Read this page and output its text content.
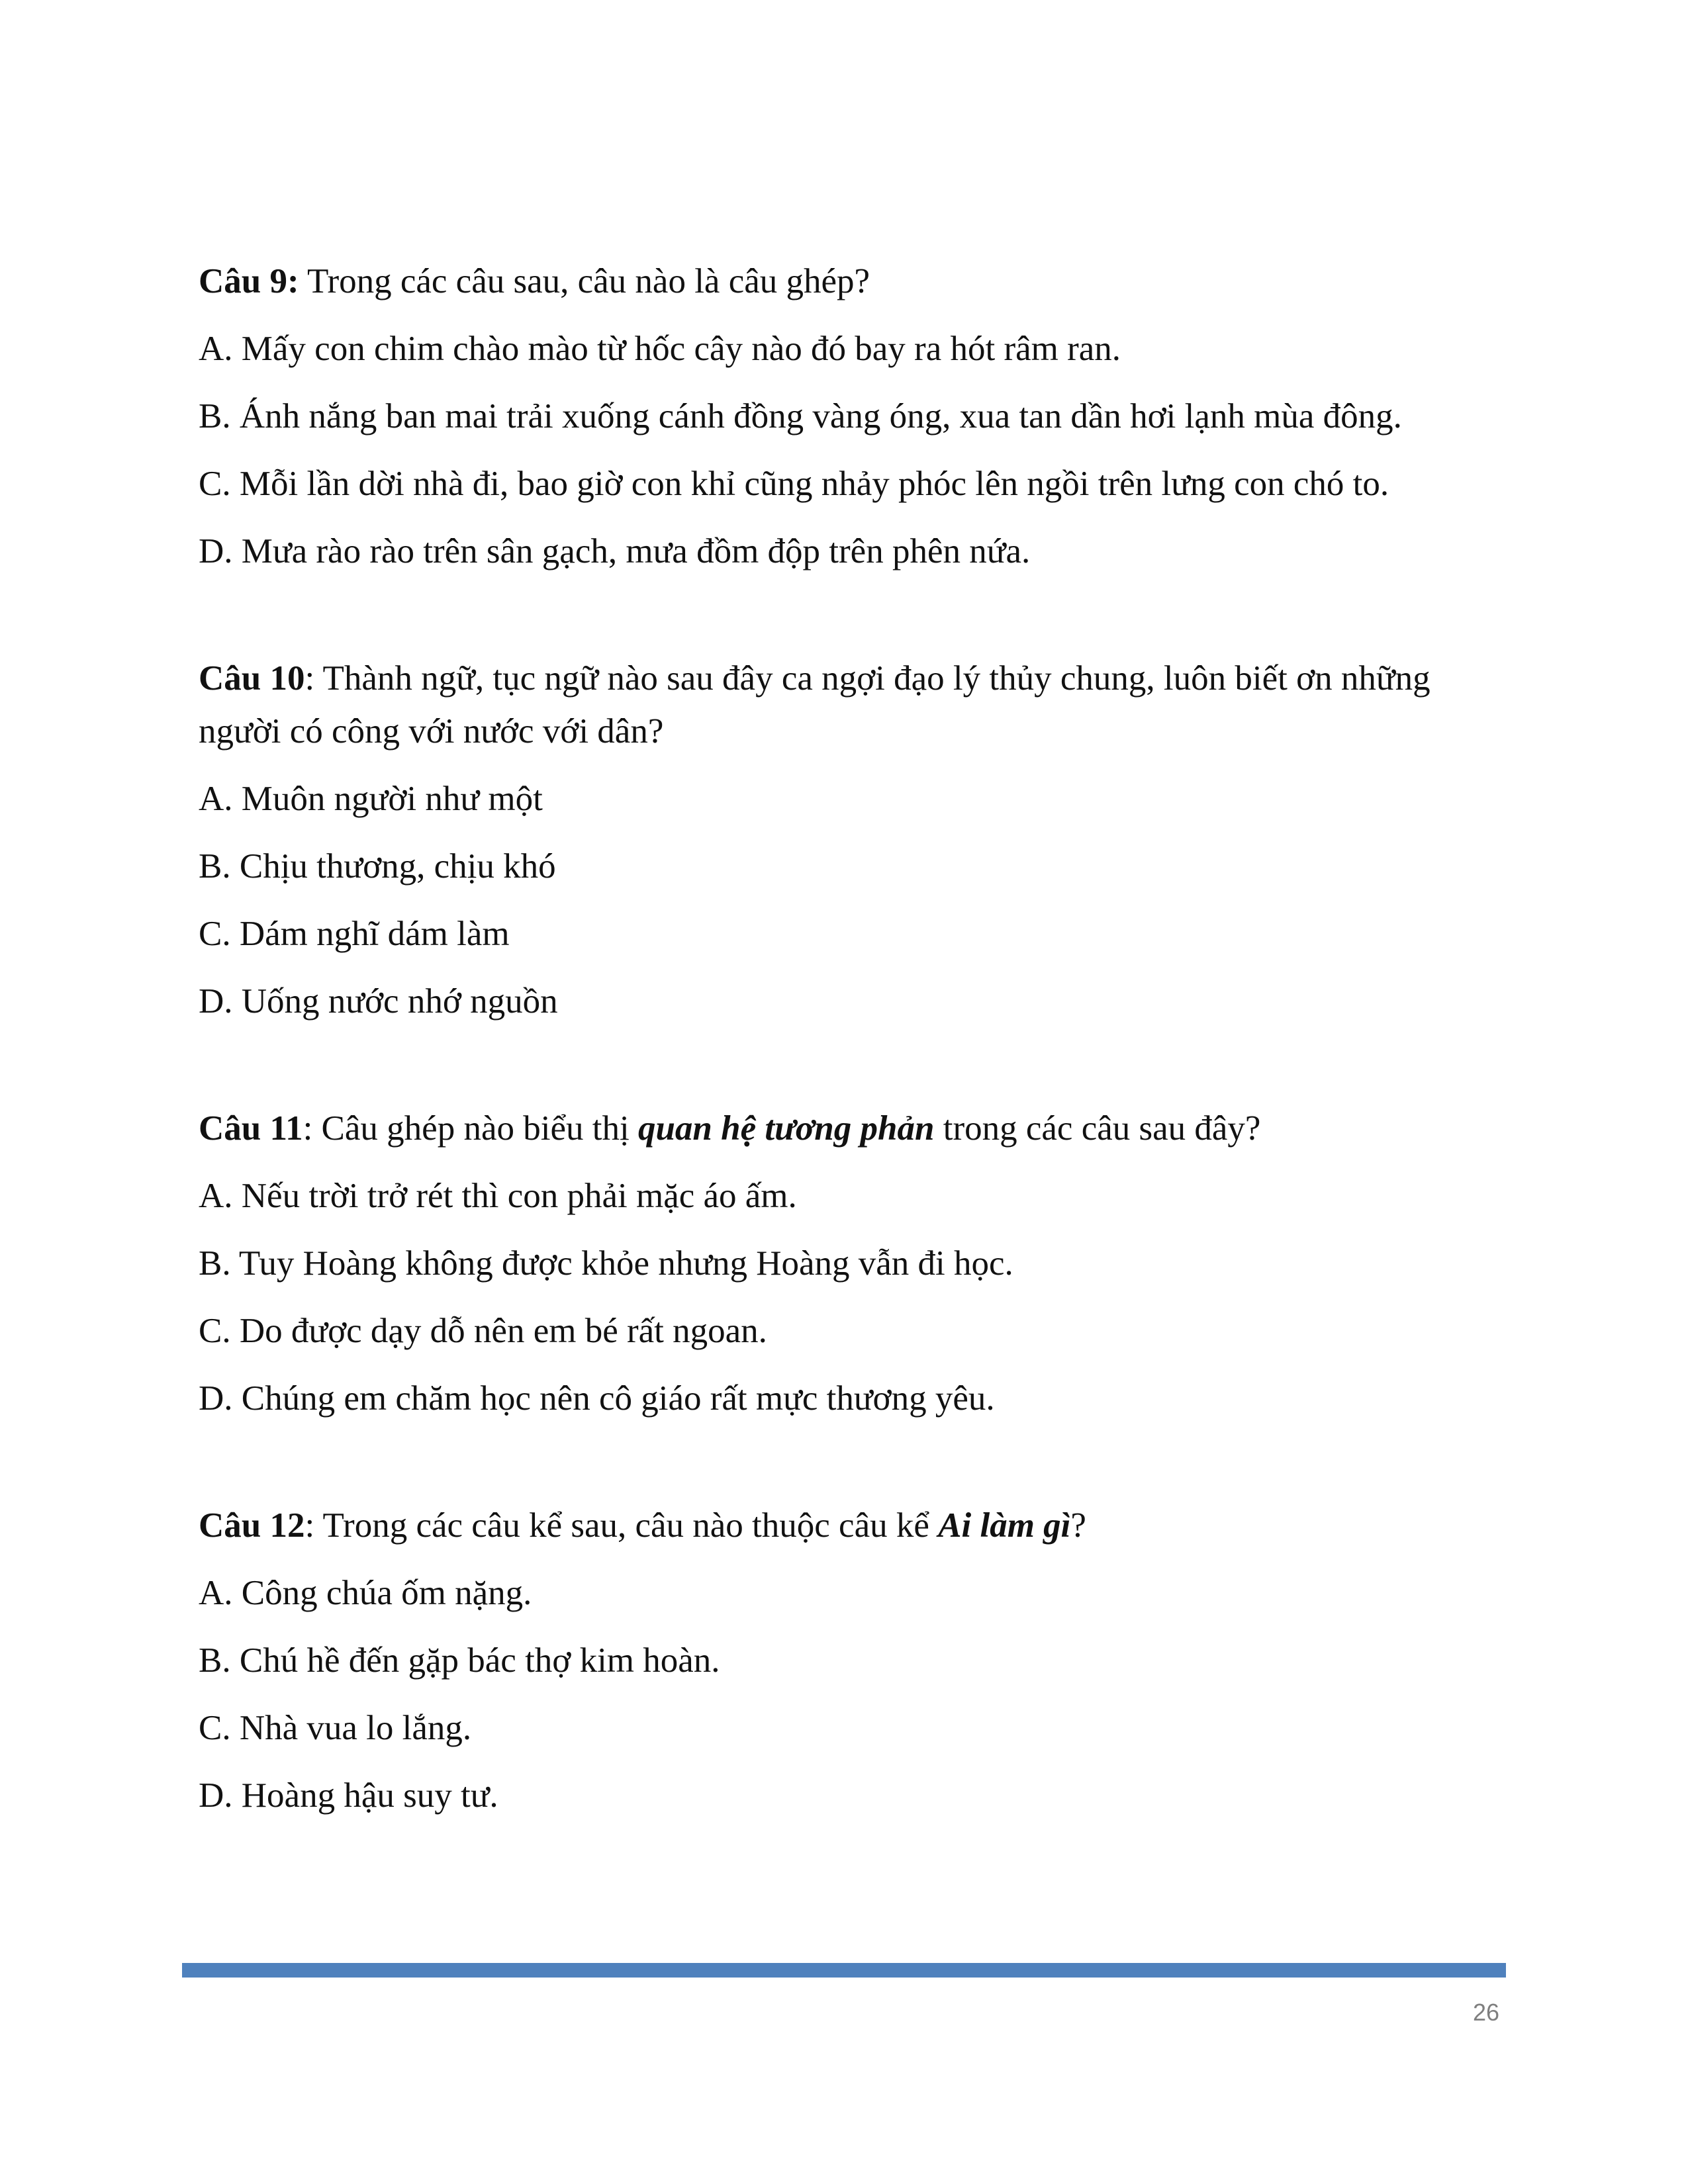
Câu 9: Trong các câu sau, câu nào là câu ghép?

A. Mấy con chim chào mào từ hốc cây nào đó bay ra hót râm ran.

B. Ánh nắng ban mai trải xuống cánh đồng vàng óng, xua tan dần hơi lạnh mùa đông.

C. Mỗi lần dời nhà đi, bao giờ con khỉ cũng nhảy phóc lên ngồi trên lưng con chó to.

D. Mưa rào rào trên sân gạch, mưa đồm độp trên phên nứa.

Câu 10: Thành ngữ, tục ngữ nào sau đây ca ngợi đạo lý thủy chung, luôn biết ơn những người có công với nước với dân?

A. Muôn người như một

B. Chịu thương, chịu khó

C. Dám nghĩ dám làm

D. Uống nước nhớ nguồn

Câu 11: Câu ghép nào biểu thị quan hệ tương phản trong các câu sau đây?

A. Nếu trời trở rét thì con phải mặc áo ấm.

B. Tuy Hoàng không được khỏe nhưng Hoàng vẫn đi học.

C. Do được dạy dỗ nên em bé rất ngoan.

D. Chúng em chăm học nên cô giáo rất mực thương yêu.

Câu 12: Trong các câu kể sau, câu nào thuộc câu kể Ai làm gì?

A. Công chúa ốm nặng.

B. Chú hề đến gặp bác thợ kim hoàn.

C. Nhà vua lo lắng.

D. Hoàng hậu suy tư.

26
